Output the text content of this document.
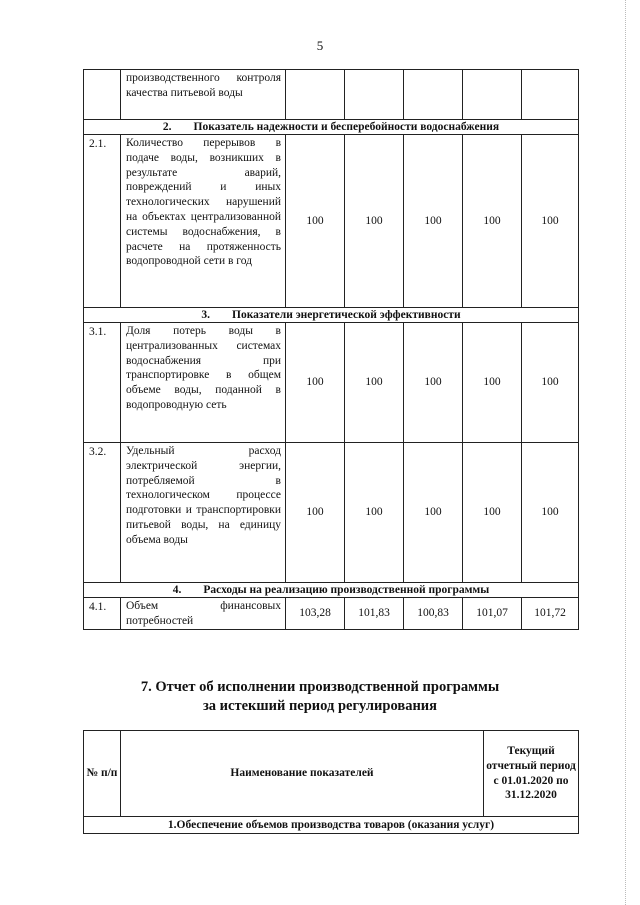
5
	производственного контроля качества питьевой воды					
2. Показатель надежности и бесперебойности водоснабжения						
2.1.	Количество перерывов в подаче воды, возникших в результате аварий, повреждений и иных технологических нарушений на объектах централизованной системы водоснабжения, в расчете на протяженность водопроводной сети в год	100	100	100	100	100
3. Показатели энергетической эффективности						
3.1.	Доля потерь воды в централизованных системах водоснабжения при транспортировке в общем объеме воды, поданной в водопроводную сеть	100	100	100	100	100
3.2.	Удельный расход электрической энергии, потребляемой в технологическом процессе подготовки и транспортировки питьевой воды, на единицу объема воды	100	100	100	100	100
4. Расходы на реализацию производственной программы						
4.1.	Объем финансовых потребностей	103,28	101,83	100,83	101,07	101,72
7. Отчет об исполнении производственной программы
за истекший период регулирования
№ п/п	Наименование показателей	Текущий отчетный период с 01.01.2020 по 31.12.2020
1.Обеспечение объемов производства товаров (оказания услуг)
